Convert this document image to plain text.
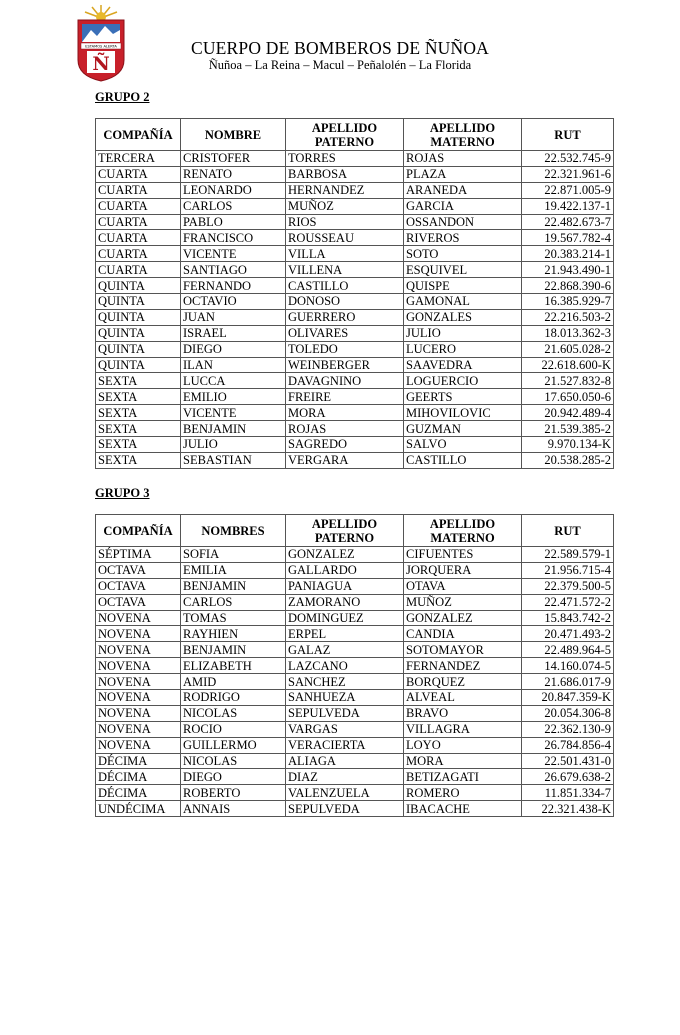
ESTAMOS ALERTA
Ñ
CUERPO DE BOMBEROS DE ÑUÑOA
Ñuñoa – La Reina – Macul – Peñalolén – La Florida
GRUPO 2
COMPAÑÍA	NOMBRE	APELLIDO PATERNO	APELLIDO MATERNO	RUT
TERCERA	CRISTOFER	TORRES	ROJAS	22.532.745-9
CUARTA	RENATO	BARBOSA	PLAZA	22.321.961-6
CUARTA	LEONARDO	HERNANDEZ	ARANEDA	22.871.005-9
CUARTA	CARLOS	MUÑOZ	GARCIA	19.422.137-1
CUARTA	PABLO	RIOS	OSSANDON	22.482.673-7
CUARTA	FRANCISCO	ROUSSEAU	RIVEROS	19.567.782-4
CUARTA	VICENTE	VILLA	SOTO	20.383.214-1
CUARTA	SANTIAGO	VILLENA	ESQUIVEL	21.943.490-1
QUINTA	FERNANDO	CASTILLO	QUISPE	22.868.390-6
QUINTA	OCTAVIO	DONOSO	GAMONAL	16.385.929-7
QUINTA	JUAN	GUERRERO	GONZALES	22.216.503-2
QUINTA	ISRAEL	OLIVARES	JULIO	18.013.362-3
QUINTA	DIEGO	TOLEDO	LUCERO	21.605.028-2
QUINTA	ILAN	WEINBERGER	SAAVEDRA	22.618.600-K
SEXTA	LUCCA	DAVAGNINO	LOGUERCIO	21.527.832-8
SEXTA	EMILIO	FREIRE	GEERTS	17.650.050-6
SEXTA	VICENTE	MORA	MIHOVILOVIC	20.942.489-4
SEXTA	BENJAMIN	ROJAS	GUZMAN	21.539.385-2
SEXTA	JULIO	SAGREDO	SALVO	9.970.134-K
SEXTA	SEBASTIAN	VERGARA	CASTILLO	20.538.285-2
GRUPO 3
COMPAÑÍA	NOMBRES	APELLIDO PATERNO	APELLIDO MATERNO	RUT
SÉPTIMA	SOFIA	GONZALEZ	CIFUENTES	22.589.579-1
OCTAVA	EMILIA	GALLARDO	JORQUERA	21.956.715-4
OCTAVA	BENJAMIN	PANIAGUA	OTAVA	22.379.500-5
OCTAVA	CARLOS	ZAMORANO	MUÑOZ	22.471.572-2
NOVENA	TOMAS	DOMINGUEZ	GONZALEZ	15.843.742-2
NOVENA	RAYHIEN	ERPEL	CANDIA	20.471.493-2
NOVENA	BENJAMIN	GALAZ	SOTOMAYOR	22.489.964-5
NOVENA	ELIZABETH	LAZCANO	FERNANDEZ	14.160.074-5
NOVENA	AMID	SANCHEZ	BORQUEZ	21.686.017-9
NOVENA	RODRIGO	SANHUEZA	ALVEAL	20.847.359-K
NOVENA	NICOLAS	SEPULVEDA	BRAVO	20.054.306-8
NOVENA	ROCIO	VARGAS	VILLAGRA	22.362.130-9
NOVENA	GUILLERMO	VERACIERTA	LOYO	26.784.856-4
DÉCIMA	NICOLAS	ALIAGA	MORA	22.501.431-0
DÉCIMA	DIEGO	DIAZ	BETIZAGATI	26.679.638-2
DÉCIMA	ROBERTO	VALENZUELA	ROMERO	11.851.334-7
UNDÉCIMA	ANNAIS	SEPULVEDA	IBACACHE	22.321.438-K
